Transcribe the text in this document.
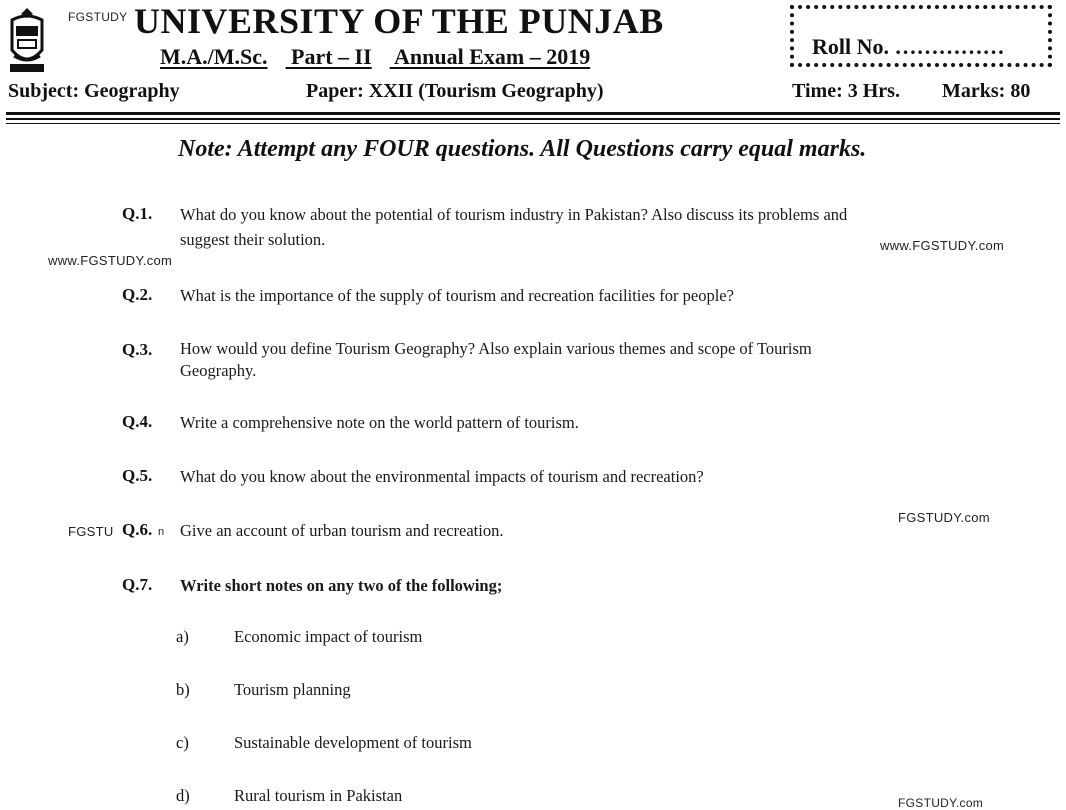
FGSTUDY UNIVERSITY OF THE PUNJAB
M.A./M.Sc. Part – II Annual Exam – 2019	Roll No. ……………
Subject: Geography	Paper: XXII (Tourism Geography)	Time: 3 Hrs. Marks: 80
Note: Attempt any FOUR questions. All Questions carry equal marks.
Q.1. What do you know about the potential of tourism industry in Pakistan? Also discuss its problems and suggest their solution.	www.FGSTUDY.com
www.FGSTUDY.com
Q.2. What is the importance of the supply of tourism and recreation facilities for people?
Q.3. How would you define Tourism Geography? Also explain various themes and scope of Tourism Geography.
Q.4. Write a comprehensive note on the world pattern of tourism.
Q.5. What do you know about the environmental impacts of tourism and recreation?
FGSTU Q.6. n Give an account of urban tourism and recreation.
FGSTUDY.com
Q.7. Write short notes on any two of the following;
a)	Economic impact of tourism
b)	Tourism planning
c)	Sustainable development of tourism
d)	Rural tourism in Pakistan	FGSTUDY.com
